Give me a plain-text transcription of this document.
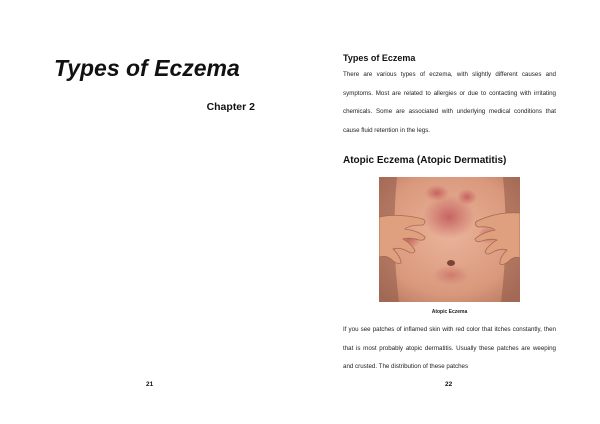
Types of Eczema
Chapter 2
21
Types of Eczema

There are various types of eczema, with slightly different causes and symptoms. Most are related to allergies or due to contacting with irritating chemicals. Some are associated with underlying medical conditions that cause fluid retention in the legs.

Atopic Eczema (Atopic Dermatitis)
Atopic Eczema

If you see patches of inflamed skin with red color that itches constantly, then that is most probably atopic dermatitis. Usually these patches are weeping and crusted. The distribution of these patches

22
